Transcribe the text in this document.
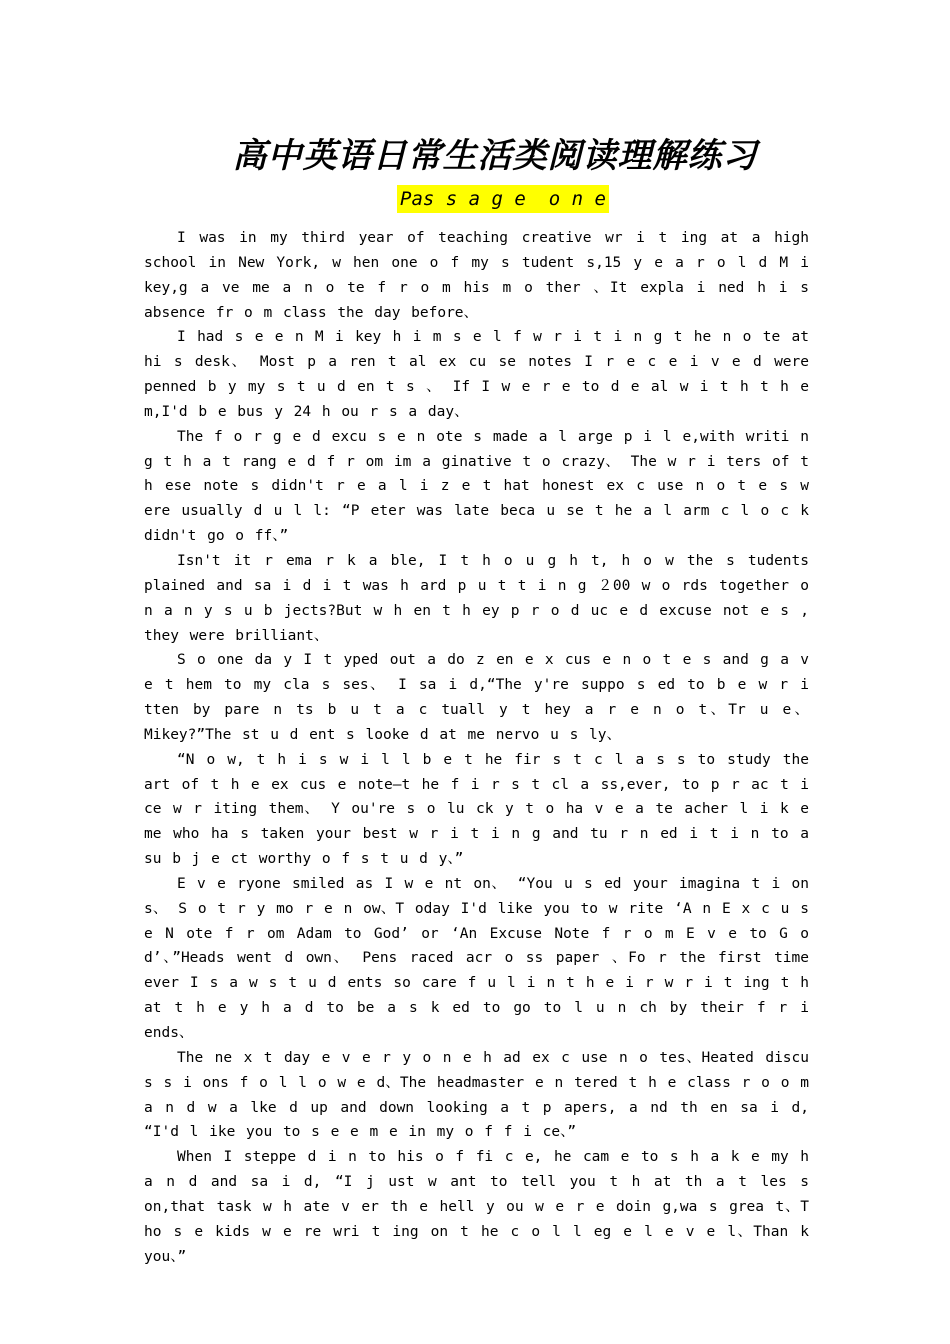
高中英语日常生活类阅读理解练习
Pas s a g e  o n e

I was in my third year of teaching creative wr i t ing at a high school in New York, w hen one o f my s tudent s,15 y e a r o l d M i key,g a ve me a n o te f r o m his m o ther 、It expla i ned h i s absence fr o m class the day before、

I had s e e n M i key h i m s e l f w r i t i n g t he n o te at hi s desk、 Most p a ren t al ex cu se notes I r e c e i v e d were penned b y my s t u d en t s 、 If I w e r e to d e al w i t h t h e m,I'd b e bus y 24 h ou r s a day、

The f o r g e d excu s e n ote s made a l arge p i l e,with writi n g t h a t rang e d f r om im a ginative t o crazy、 The w r i ters of t h ese note s didn't r e a l i z e t hat honest ex c use n o t e s w ere usually d u l l: “P eter was late beca u se t he a l arm c l o c k didn't go o ff、”

Isn't it r ema r k a ble, I t h o u g h t, h o w the s tudents plained and sa i d i t was h ard p u t t i n g ２00 w o rds together o n a n y s u b jects?But w h en t h ey p r o d uc e d excuse not e s , they were brilliant、

S o one da y I t yped out a do z en e x cus e n o t e s and g a v e t hem to my cla s ses、 I sa i d,“The y're suppo s ed to b e w r i tten by pare n ts b u t a c tuall y t hey a r e n o t、Tr u e、Mikey?”The st u d ent s looke d at me nervo u s ly、

“N o w, t h i s w i l l b e t he fir s t c l a s s to study the art of t h e ex cus e note—t he f i r s t cl a ss,ever, to p r ac t i ce w r iting them、 Y ou're s o lu ck y t o ha v e a te acher l i k e me who ha s taken your best w r i t i n g and tu r n ed i t i n to a su b j e ct worthy o f s t u d y、”

E v e ryone smiled as I w e nt on、 “You u s ed your imagina t i on s、 S o t r y mo r e n ow、T oday I'd like you to w rite ‘A n E x c u s e N ote f r om Adam to God’ or ‘An Excuse Note f r o m E v e to G o d’、”Heads went d own、 Pens raced acr o ss paper 、Fo r the first time ever I s a w s t u d ents so care f u l i n t h e i r w r i t ing t h at t h e y h a d to be a s k ed to go to l u n ch by their f r i ends、

The ne x t day e v e r y o n e h ad ex c use n o tes、Heated discu s s i ons f o l l o w e d、The headmaster e n tered t h e class r o o m a n d w a lke d up and down looking a t p apers, a nd th en sa i d, “I'd l ike you to s e e m e in my o f f i ce、”

When I steppe d i n to his o f fi c e, he cam e to s h a k e my h a n d and sa i d, “I j ust w ant to tell you t h at th a t les s on,that task w h ate v er th e hell y ou w e r e doin g,wa s grea t、T ho s e kids w e re wri t ing on t he c o l l eg e l e v e l、Than k you、”
